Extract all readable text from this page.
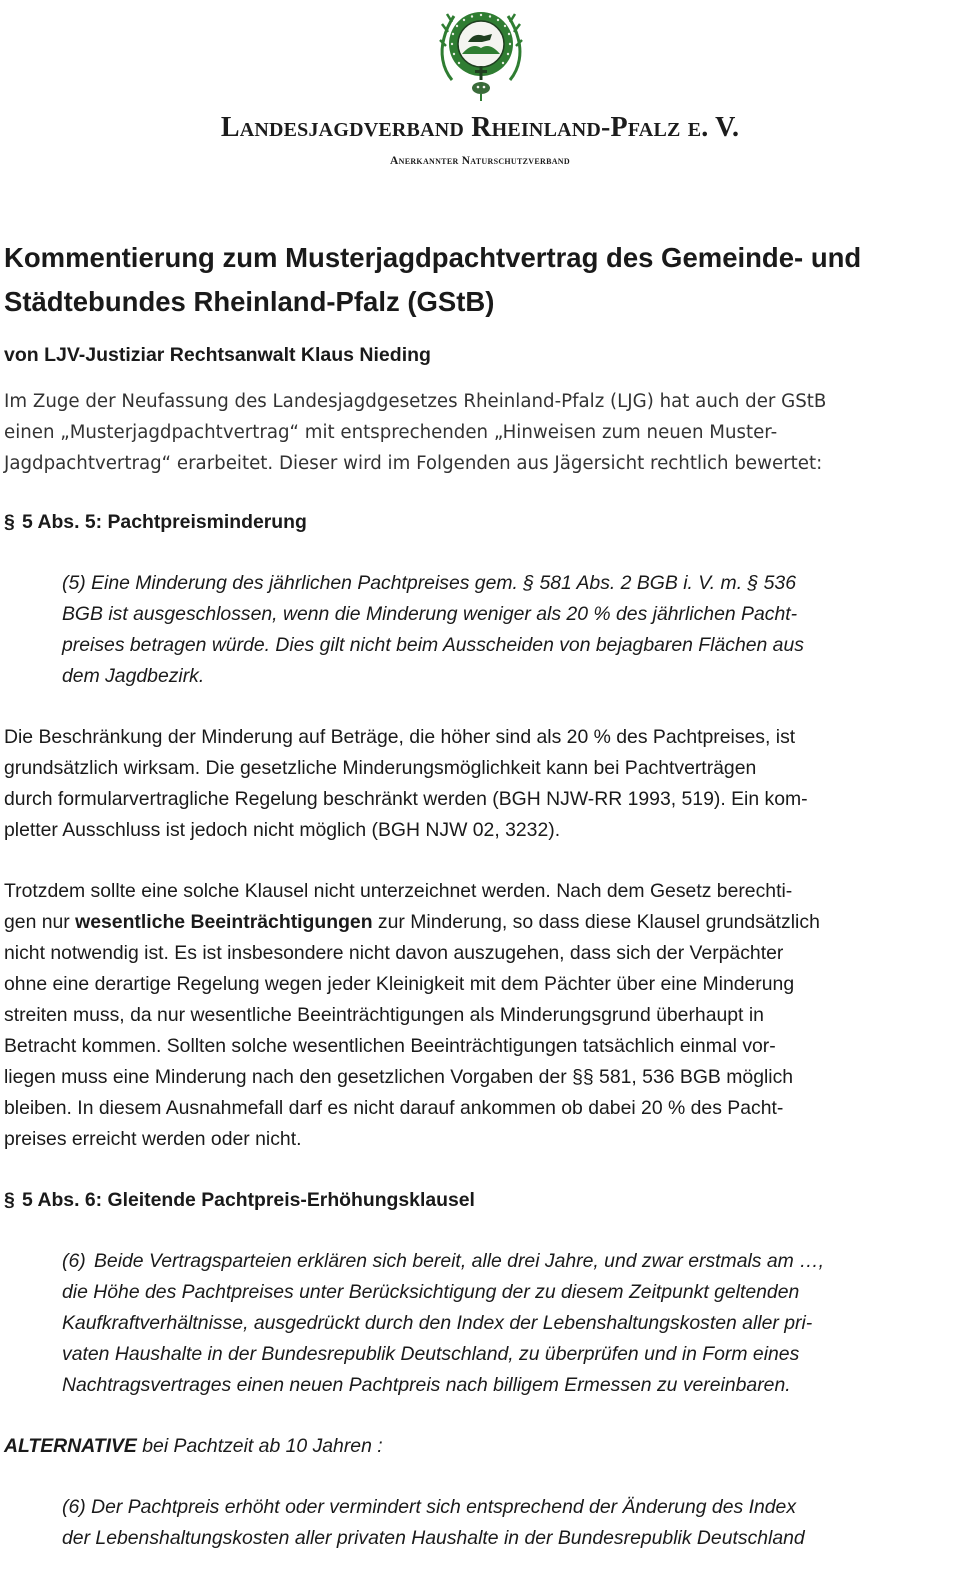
Landesjagdverband Rheinland-Pfalz e. V.
Anerkannter Naturschutzverband
Kommentierung zum Musterjagdpachtvertrag des Gemeinde- und
Städtebundes Rheinland-Pfalz (GStB)
von LJV-Justiziar Rechtsanwalt Klaus Nieding
Im Zuge der Neufassung des Landesjagdgesetzes Rheinland-Pfalz (LJG) hat auch der GStB
einen „Musterjagdpachtvertrag“ mit entsprechenden „Hinweisen zum neuen Muster-
Jagdpachtvertrag“ erarbeitet. Dieser wird im Folgenden aus Jägersicht rechtlich bewertet:
§ 5 Abs. 5: Pachtpreisminderung
(5) Eine Minderung des jährlichen Pachtpreises gem. § 581 Abs. 2 BGB i. V. m. § 536
BGB ist ausgeschlossen, wenn die Minderung weniger als 20 % des jährlichen Pacht-
preises betragen würde. Dies gilt nicht beim Ausscheiden von bejagbaren Flächen aus
dem Jagdbezirk.
Die Beschränkung der Minderung auf Beträge, die höher sind als 20 % des Pachtpreises, ist
grundsätzlich wirksam. Die gesetzliche Minderungsmöglichkeit kann bei Pachtverträgen
durch formularvertragliche Regelung beschränkt werden (BGH NJW-RR 1993, 519). Ein kom-
pletter Ausschluss ist jedoch nicht möglich (BGH NJW 02, 3232).
Trotzdem sollte eine solche Klausel nicht unterzeichnet werden. Nach dem Gesetz berechti-
gen nur wesentliche Beeinträchtigungen zur Minderung, so dass diese Klausel grundsätzlich
nicht notwendig ist. Es ist insbesondere nicht davon auszugehen, dass sich der Verpächter
ohne eine derartige Regelung wegen jeder Kleinigkeit mit dem Pächter über eine Minderung
streiten muss, da nur wesentliche Beeinträchtigungen als Minderungsgrund überhaupt in
Betracht kommen. Sollten solche wesentlichen Beeinträchtigungen tatsächlich einmal vor-
liegen muss eine Minderung nach den gesetzlichen Vorgaben der §§ 581, 536 BGB möglich
bleiben. In diesem Ausnahmefall darf es nicht darauf ankommen ob dabei 20 % des Pacht-
preises erreicht werden oder nicht.
§ 5 Abs. 6: Gleitende Pachtpreis-Erhöhungsklausel
(6) Beide Vertragsparteien erklären sich bereit, alle drei Jahre, und zwar erstmals am …,
die Höhe des Pachtpreises unter Berücksichtigung der zu diesem Zeitpunkt geltenden
Kaufkraftverhältnisse, ausgedrückt durch den Index der Lebenshaltungskosten aller pri-
vaten Haushalte in der Bundesrepublik Deutschland, zu überprüfen und in Form eines
Nachtragsvertrages einen neuen Pachtpreis nach billigem Ermessen zu vereinbaren.
ALTERNATIVE bei Pachtzeit ab 10 Jahren :
(6) Der Pachtpreis erhöht oder vermindert sich entsprechend der Änderung des Index
der Lebenshaltungskosten aller privaten Haushalte in der Bundesrepublik Deutschland
